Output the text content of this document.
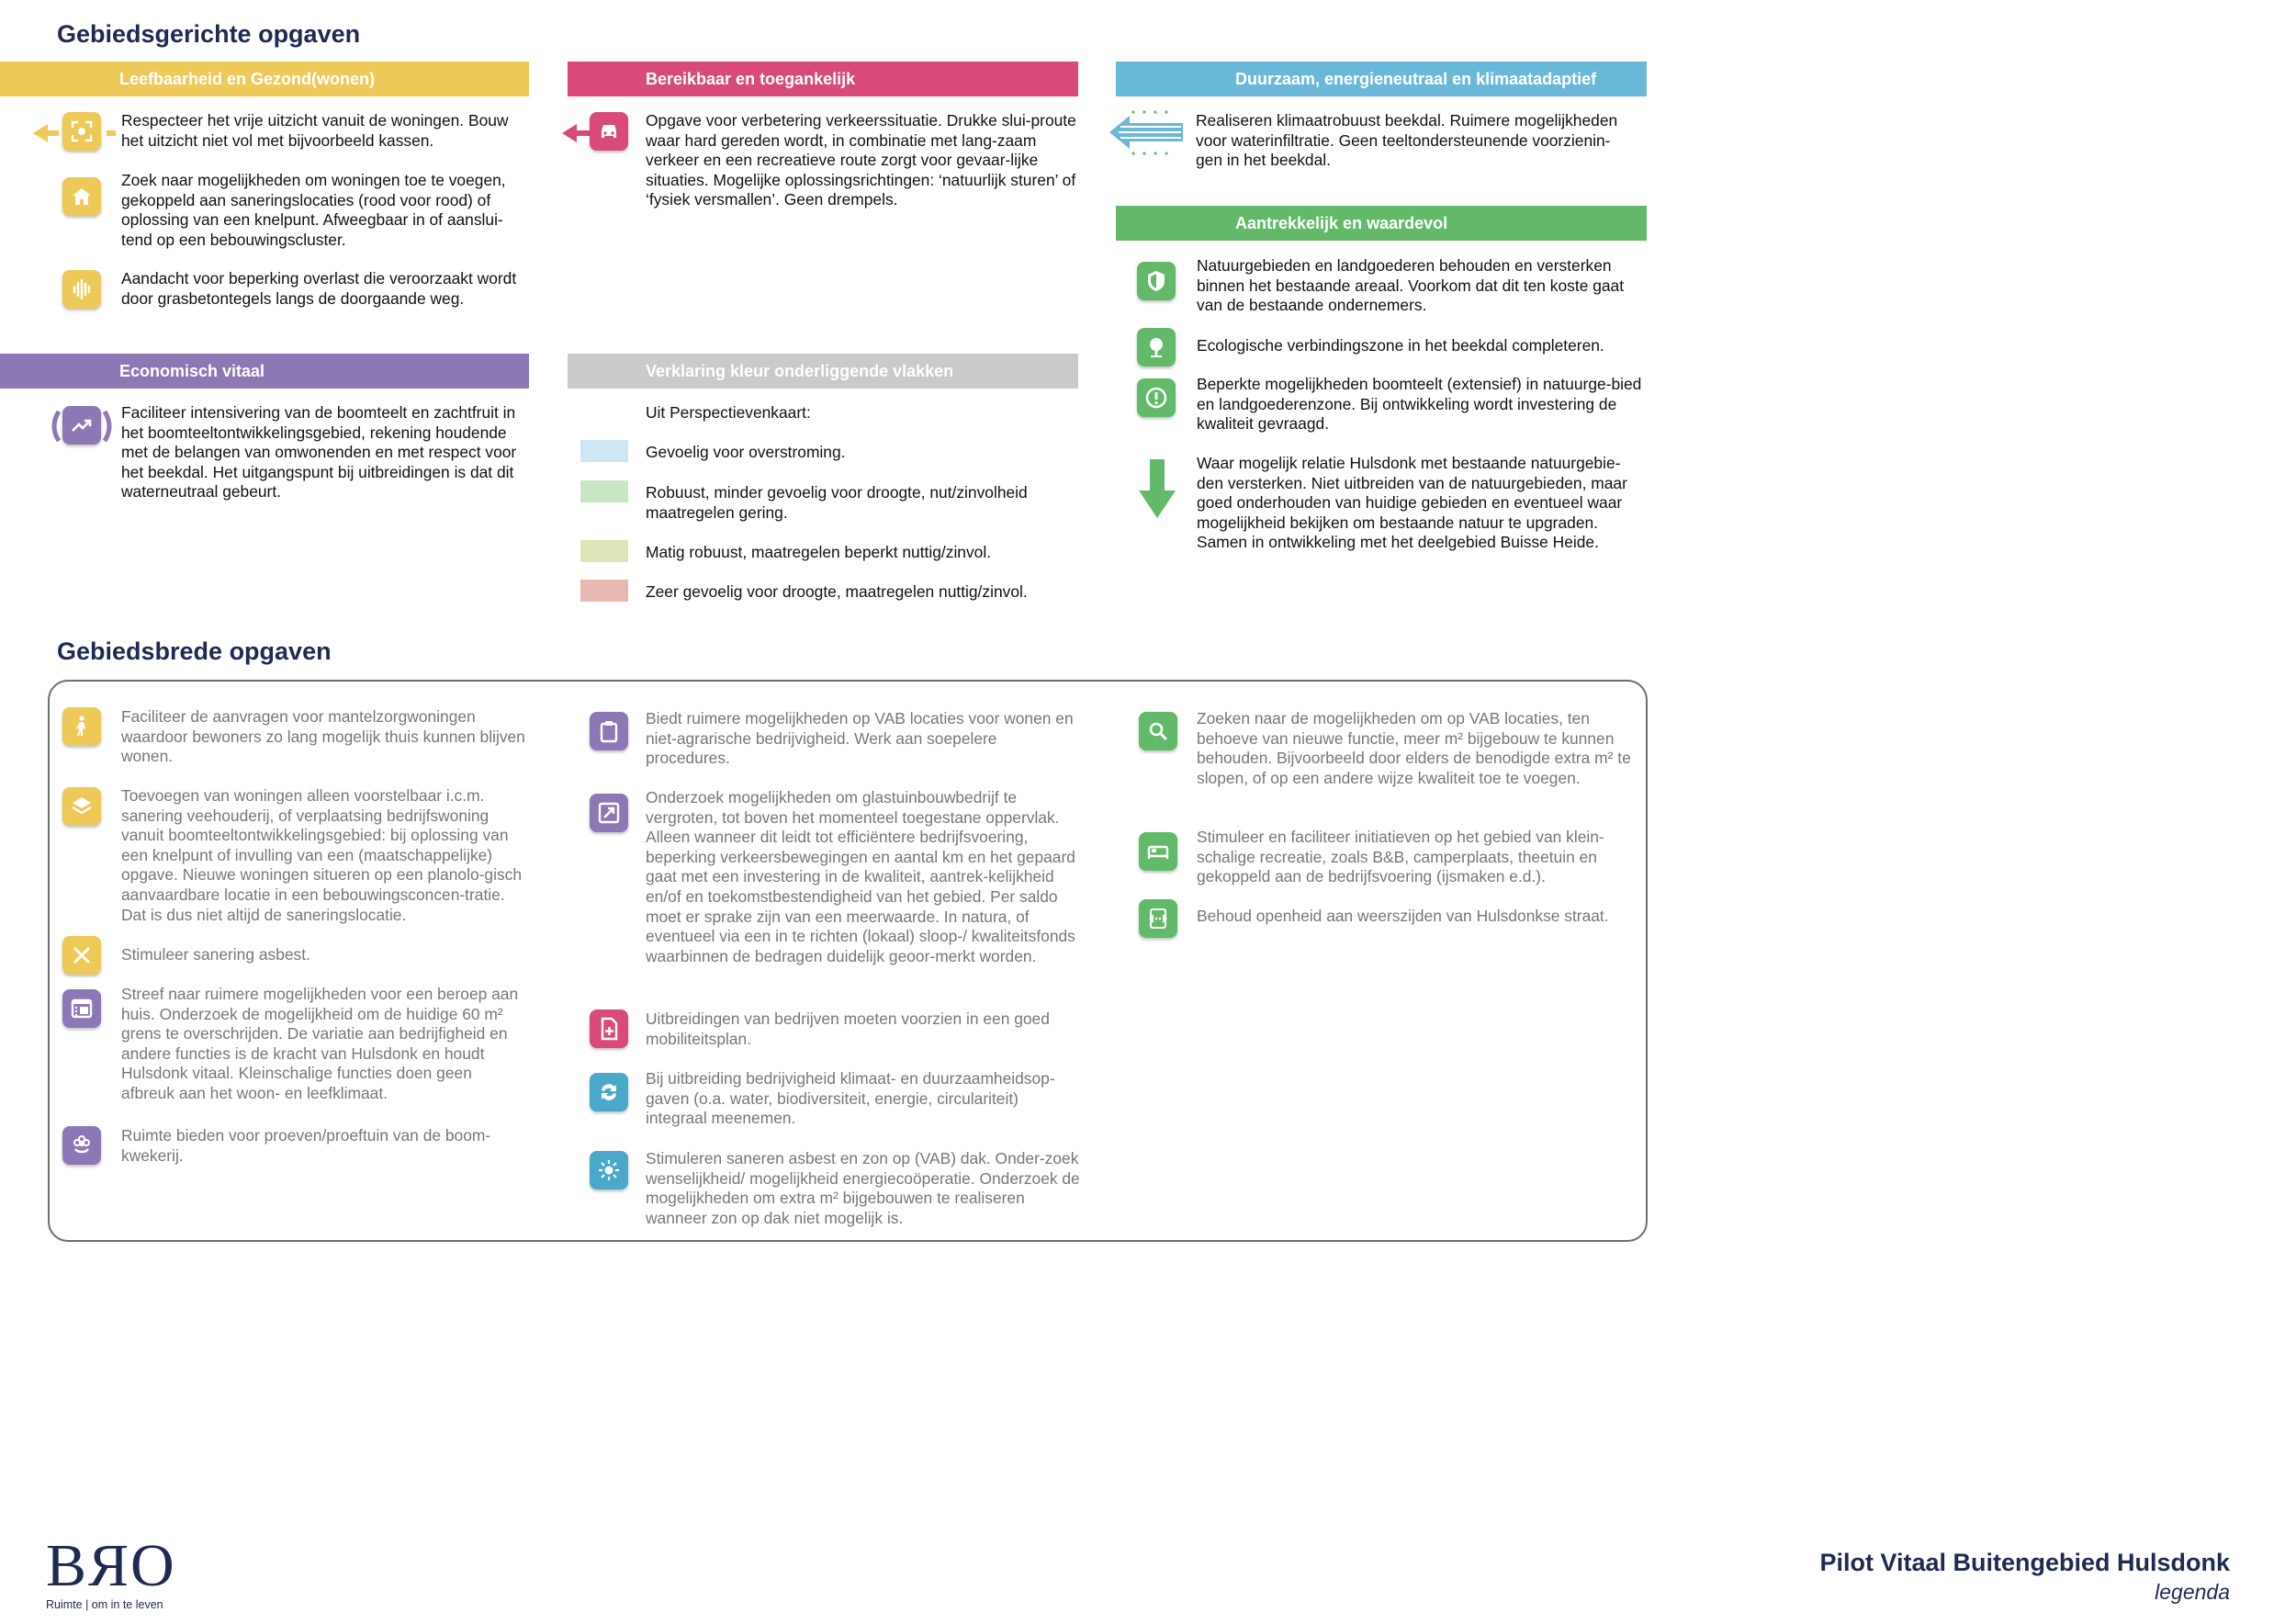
Gebiedsgerichte opgaven
Leefbaarheid en Gezond(wonen)	Bereikbaar en toegankelijk	Duurzaam, energieneutraal en klimaatadaptief
Aantrekkelijk en waardevol
Economisch vitaal	Verklaring kleur onderliggende vlakken
Respecteer het vrije uitzicht vanuit de woningen. Bouw het uitzicht niet vol met bijvoorbeeld kassen.
Zoek naar mogelijkheden om woningen toe te voegen, gekoppeld aan saneringslocaties (rood voor rood) of oplossing van een knelpunt. Afweegbaar in of aanslui-tend op een bebouwingscluster.
Aandacht voor beperking overlast die veroorzaakt wordt door grasbetontegels langs de doorgaande weg.
Opgave voor verbetering verkeerssituatie. Drukke slui-proute waar hard gereden wordt, in combinatie met lang-zaam verkeer en een recreatieve route zorgt voor gevaar-lijke situaties. Mogelijke oplossingsrichtingen: ‘natuurlijk sturen’ of ‘fysiek versmallen’. Geen drempels.
Realiseren klimaatrobuust beekdal. Ruimere mogelijkheden voor waterinfiltratie. Geen teeltondersteunende voorzienin-gen in het beekdal.
Natuurgebieden en landgoederen behouden en versterken binnen het bestaande areaal. Voorkom dat dit ten koste gaat van de bestaande ondernemers.
Ecologische verbindingszone in het beekdal completeren.
Beperkte mogelijkheden boomteelt (extensief) in natuurge-bied en landgoederenzone. Bij ontwikkeling wordt investering de kwaliteit gevraagd.
Waar mogelijk relatie Hulsdonk met bestaande natuurgebie-den versterken. Niet uitbreiden van de natuurgebieden, maar goed onderhouden van huidige gebieden en eventueel waar mogelijkheid bekijken om bestaande natuur te upgraden. Samen in ontwikkeling met het deelgebied Buisse Heide.
Faciliteer intensivering van de boomteelt en zachtfruit in het boomteeltontwikkelingsgebied, rekening houdende met de belangen van omwonenden en met respect voor het beekdal. Het uitgangspunt bij uitbreidingen is dat dit waterneutraal gebeurt.
Uit Perspectievenkaart:
Gevoelig voor overstroming.
Robuust, minder gevoelig voor droogte, nut/zinvolheid maatregelen gering.
Matig robuust, maatregelen beperkt nuttig/zinvol.
Zeer gevoelig voor droogte, maatregelen nuttig/zinvol.
Gebiedsbrede opgaven
Faciliteer de aanvragen voor mantelzorgwoningen waardoor bewoners zo lang mogelijk thuis kunnen blijven wonen.
Toevoegen van woningen alleen voorstelbaar i.c.m. sanering veehouderij, of verplaatsing bedrijfswoning vanuit boomteeltontwikkelingsgebied: bij oplossing van een knelpunt of invulling van een (maatschappelijke) opgave. Nieuwe woningen situeren op een planolo-gisch aanvaardbare locatie in een bebouwingsconcen-tratie. Dat is dus niet altijd de saneringslocatie.
Stimuleer sanering asbest.
Streef naar ruimere mogelijkheden voor een beroep aan huis. Onderzoek de mogelijkheid om de huidige 60 m² grens te overschrijden. De variatie aan bedrijfigheid en andere functies is de kracht van Hulsdonk en houdt Hulsdonk vitaal. Kleinschalige functies doen geen afbreuk aan het woon- en leefklimaat.
Ruimte bieden voor proeven/proeftuin van de boom-kwekerij.
Biedt ruimere mogelijkheden op VAB locaties voor wonen en niet-agrarische bedrijvigheid. Werk aan soepelere procedures.
Onderzoek mogelijkheden om glastuinbouwbedrijf te vergroten, tot boven het momenteel toegestane oppervlak. Alleen wanneer dit leidt tot efficiëntere bedrijfsvoering, beperking verkeersbewegingen en aantal km en het gepaard gaat met een investering in de kwaliteit, aantrek-kelijkheid en/of en toekomstbestendigheid van het gebied. Per saldo moet er sprake zijn van een meerwaarde. In natura, of eventueel via een in te richten (lokaal) sloop-/ kwaliteitsfonds waarbinnen de bedragen duidelijk geoor-merkt worden.
Uitbreidingen van bedrijven moeten voorzien in een goed mobiliteitsplan.
Bij uitbreiding bedrijvigheid klimaat- en duurzaamheidsop-gaven (o.a. water, biodiversiteit, energie, circulariteit) integraal meenemen.
Stimuleren saneren asbest en zon op (VAB) dak. Onder-zoek wenselijkheid/ mogelijkheid energiecoöperatie. Onderzoek de mogelijkheden om extra m² bijgebouwen te realiseren wanneer zon op dak niet mogelijk is.
Zoeken naar de mogelijkheden om op VAB locaties, ten behoeve van nieuwe functie, meer m² bijgebouw te kunnen behouden. Bijvoorbeeld door elders de benodigde extra m² te slopen, of op een andere wijze kwaliteit toe te voegen.
Stimuleer en faciliteer initiatieven op het gebied van klein-schalige recreatie, zoals B&B, camperplaats, theetuin en gekoppeld aan de bedrijfsvoering (ijsmaken e.d.).
Behoud openheid aan weerszijden van Hulsdonkse straat.
BЯO
Ruimte | om in te leven
Pilot Vitaal Buitengebied Hulsdonk
legenda
